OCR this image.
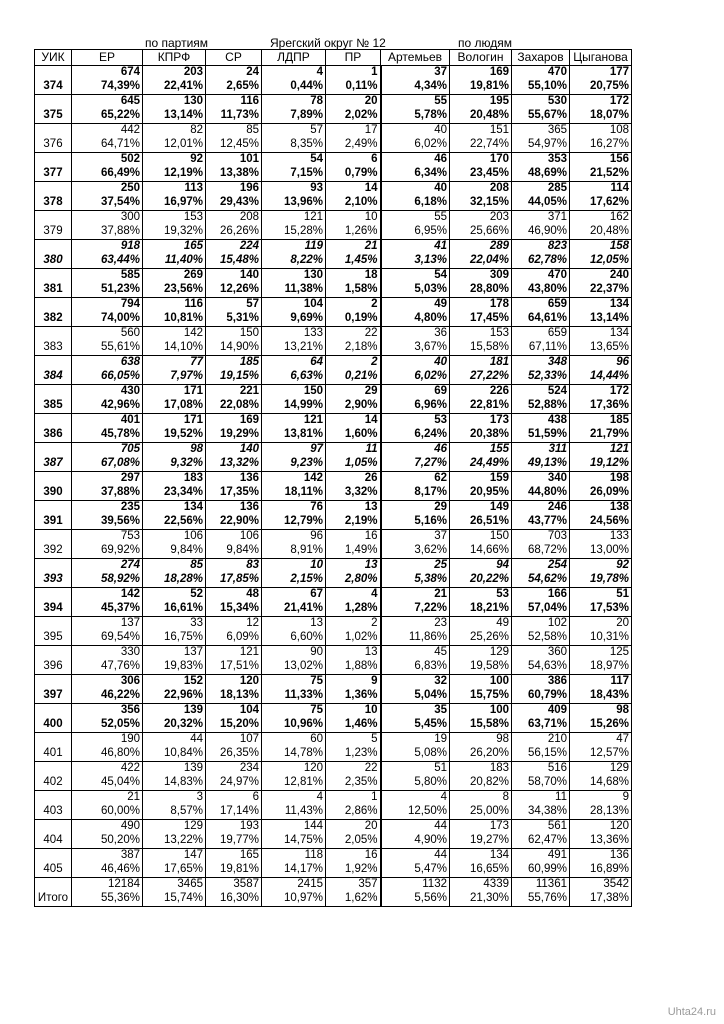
по партиям	Ярегский округ № 12	по людям
УИК	ЕР	КПРФ	СР	ЛДПР	ПР	Артемьев	Вологин	Захаров	Цыганова
374	674	203	24	4	1	37	169	470	177
	74,39%	22,41%	2,65%	0,44%	0,11%	4,34%	19,81%	55,10%	20,75%
375	645	130	116	78	20	55	195	530	172
	65,22%	13,14%	11,73%	7,89%	2,02%	5,78%	20,48%	55,67%	18,07%
376	442	82	85	57	17	40	151	365	108
	64,71%	12,01%	12,45%	8,35%	2,49%	6,02%	22,74%	54,97%	16,27%
377	502	92	101	54	6	46	170	353	156
	66,49%	12,19%	13,38%	7,15%	0,79%	6,34%	23,45%	48,69%	21,52%
378	250	113	196	93	14	40	208	285	114
	37,54%	16,97%	29,43%	13,96%	2,10%	6,18%	32,15%	44,05%	17,62%
379	300	153	208	121	10	55	203	371	162
	37,88%	19,32%	26,26%	15,28%	1,26%	6,95%	25,66%	46,90%	20,48%
380	918	165	224	119	21	41	289	823	158
	63,44%	11,40%	15,48%	8,22%	1,45%	3,13%	22,04%	62,78%	12,05%
381	585	269	140	130	18	54	309	470	240
	51,23%	23,56%	12,26%	11,38%	1,58%	5,03%	28,80%	43,80%	22,37%
382	794	116	57	104	2	49	178	659	134
	74,00%	10,81%	5,31%	9,69%	0,19%	4,80%	17,45%	64,61%	13,14%
383	560	142	150	133	22	36	153	659	134
	55,61%	14,10%	14,90%	13,21%	2,18%	3,67%	15,58%	67,11%	13,65%
384	638	77	185	64	2	40	181	348	96
	66,05%	7,97%	19,15%	6,63%	0,21%	6,02%	27,22%	52,33%	14,44%
385	430	171	221	150	29	69	226	524	172
	42,96%	17,08%	22,08%	14,99%	2,90%	6,96%	22,81%	52,88%	17,36%
386	401	171	169	121	14	53	173	438	185
	45,78%	19,52%	19,29%	13,81%	1,60%	6,24%	20,38%	51,59%	21,79%
387	705	98	140	97	11	46	155	311	121
	67,08%	9,32%	13,32%	9,23%	1,05%	7,27%	24,49%	49,13%	19,12%
390	297	183	136	142	26	62	159	340	198
	37,88%	23,34%	17,35%	18,11%	3,32%	8,17%	20,95%	44,80%	26,09%
391	235	134	136	76	13	29	149	246	138
	39,56%	22,56%	22,90%	12,79%	2,19%	5,16%	26,51%	43,77%	24,56%
392	753	106	106	96	16	37	150	703	133
	69,92%	9,84%	9,84%	8,91%	1,49%	3,62%	14,66%	68,72%	13,00%
393	274	85	83	10	13	25	94	254	92
	58,92%	18,28%	17,85%	2,15%	2,80%	5,38%	20,22%	54,62%	19,78%
394	142	52	48	67	4	21	53	166	51
	45,37%	16,61%	15,34%	21,41%	1,28%	7,22%	18,21%	57,04%	17,53%
395	137	33	12	13	2	23	49	102	20
	69,54%	16,75%	6,09%	6,60%	1,02%	11,86%	25,26%	52,58%	10,31%
396	330	137	121	90	13	45	129	360	125
	47,76%	19,83%	17,51%	13,02%	1,88%	6,83%	19,58%	54,63%	18,97%
397	306	152	120	75	9	32	100	386	117
	46,22%	22,96%	18,13%	11,33%	1,36%	5,04%	15,75%	60,79%	18,43%
400	356	139	104	75	10	35	100	409	98
	52,05%	20,32%	15,20%	10,96%	1,46%	5,45%	15,58%	63,71%	15,26%
401	190	44	107	60	5	19	98	210	47
	46,80%	10,84%	26,35%	14,78%	1,23%	5,08%	26,20%	56,15%	12,57%
402	422	139	234	120	22	51	183	516	129
	45,04%	14,83%	24,97%	12,81%	2,35%	5,80%	20,82%	58,70%	14,68%
403	21	3	6	4	1	4	8	11	9
	60,00%	8,57%	17,14%	11,43%	2,86%	12,50%	25,00%	34,38%	28,13%
404	490	129	193	144	20	44	173	561	120
	50,20%	13,22%	19,77%	14,75%	2,05%	4,90%	19,27%	62,47%	13,36%
405	387	147	165	118	16	44	134	491	136
	46,46%	17,65%	19,81%	14,17%	1,92%	5,47%	16,65%	60,99%	16,89%
Итого	12184	3465	3587	2415	357	1132	4339	11361	3542
	55,36%	15,74%	16,30%	10,97%	1,62%	5,56%	21,30%	55,76%	17,38%
Uhta24.ru
